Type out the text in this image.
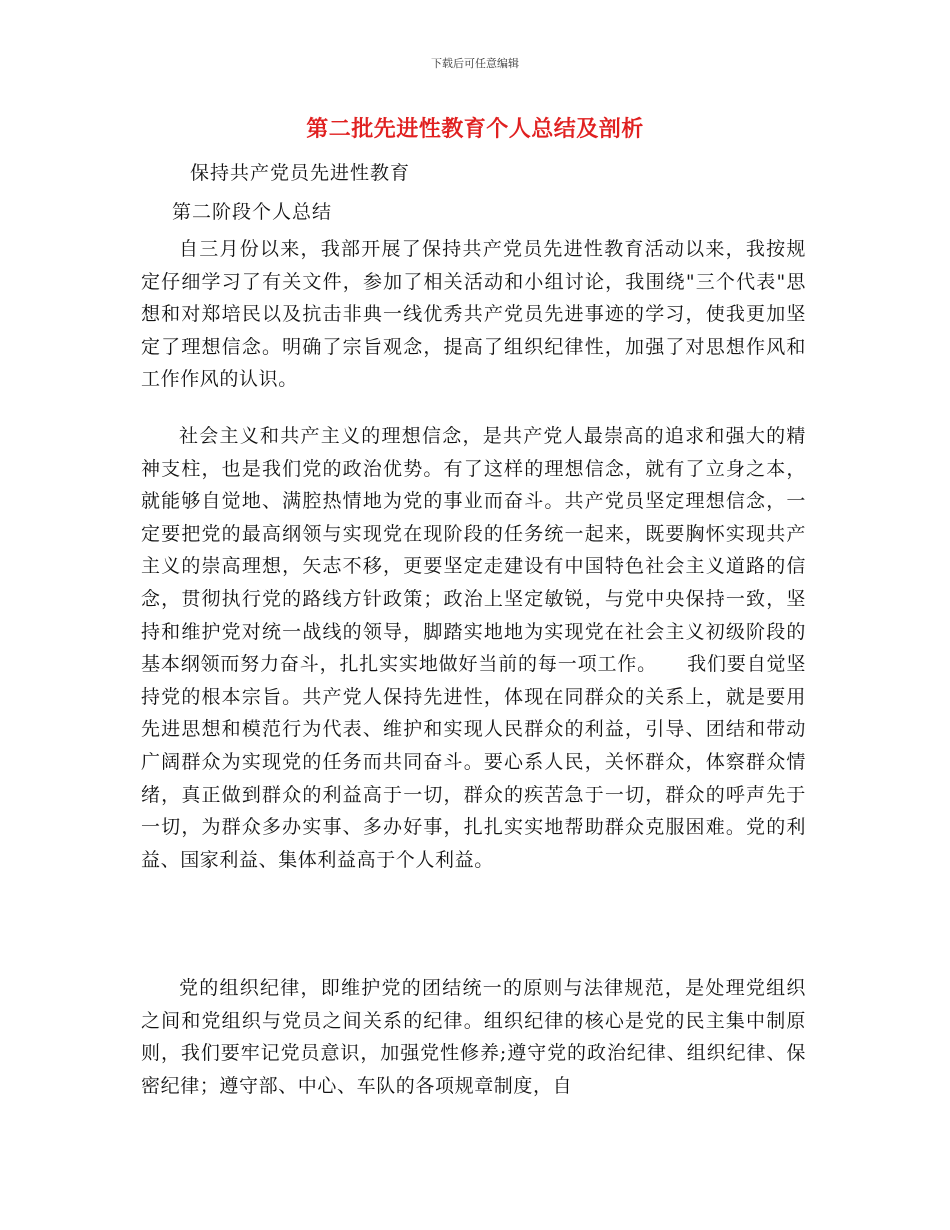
下载后可任意编辑
第二批先进性教育个人总结及剖析
保持共产党员先进性教育
第二阶段个人总结

自三月份以来，我部开展了保持共产党员先进性教育活动以来，我按规定仔细学习了有关文件，参加了相关活动和小组讨论，我围绕"三个代表"思想和对郑培民以及抗击非典一线优秀共产党员先进事迹的学习，使我更加坚定了理想信念。明确了宗旨观念，提高了组织纪律性，加强了对思想作风和工作作风的认识。

社会主义和共产主义的理想信念，是共产党人最崇高的追求和强大的精神支柱，也是我们党的政治优势。有了这样的理想信念，就有了立身之本，就能够自觉地、满腔热情地为党的事业而奋斗。共产党员坚定理想信念，一定要把党的最高纲领与实现党在现阶段的任务统一起来，既要胸怀实现共产主义的崇高理想，矢志不移，更要坚定走建设有中国特色社会主义道路的信念，贯彻执行党的路线方针政策；政治上坚定敏锐，与党中央保持一致，坚持和维护党对统一战线的领导，脚踏实地地为实现党在社会主义初级阶段的基本纲领而努力奋斗，扎扎实实地做好当前的每一项工作。　　我们要自觉坚持党的根本宗旨。共产党人保持先进性，体现在同群众的关系上，就是要用先进思想和模范行为代表、维护和实现人民群众的利益，引导、团结和带动广阔群众为实现党的任务而共同奋斗。要心系人民，关怀群众，体察群众情绪，真正做到群众的利益高于一切，群众的疾苦急于一切，群众的呼声先于一切，为群众多办实事、多办好事，扎扎实实地帮助群众克服困难。党的利益、国家利益、集体利益高于个人利益。

党的组织纪律，即维护党的团结统一的原则与法律规范，是处理党组织之间和党组织与党员之间关系的纪律。组织纪律的核心是党的民主集中制原则，我们要牢记党员意识，加强党性修养;遵守党的政治纪律、组织纪律、保密纪律；遵守部、中心、车队的各项规章制度，自
